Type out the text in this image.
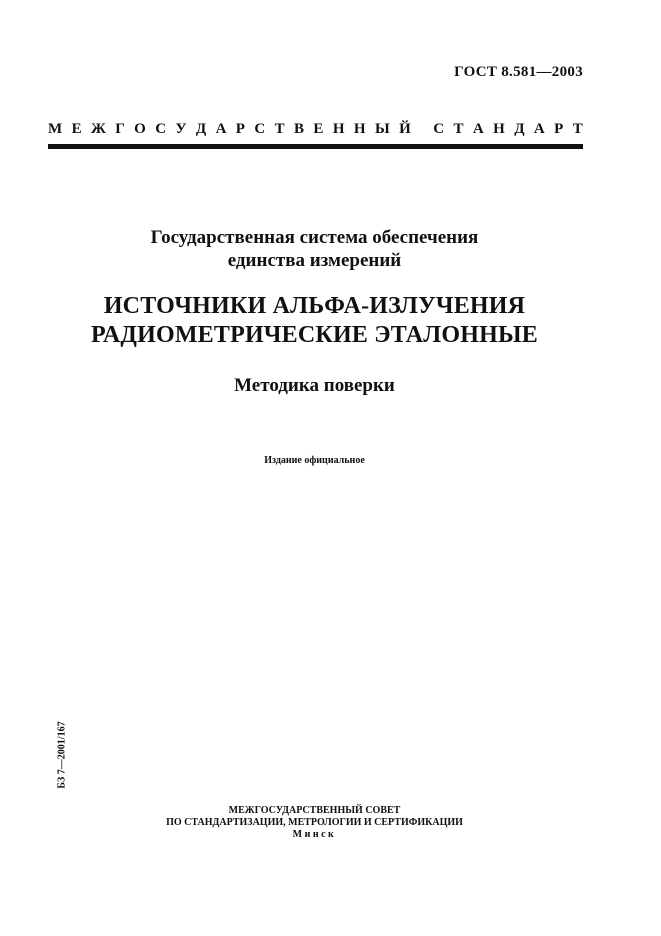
ГОСТ 8.581—2003
М Е Ж Г О С У Д А Р С Т В Е Н Н Ы Й
С Т А Н Д А Р Т
Государственная система обеспечения
единства измерений
ИСТОЧНИКИ АЛЬФА-ИЗЛУЧЕНИЯ
РАДИОМЕТРИЧЕСКИЕ ЭТАЛОННЫЕ
Методика поверки
Издание официальное
БЗ 7—2001/167
МЕЖГОСУДАРСТВЕННЫЙ СОВЕТ
ПО СТАНДАРТИЗАЦИИ, МЕТРОЛОГИИ И СЕРТИФИКАЦИИ
Минск
